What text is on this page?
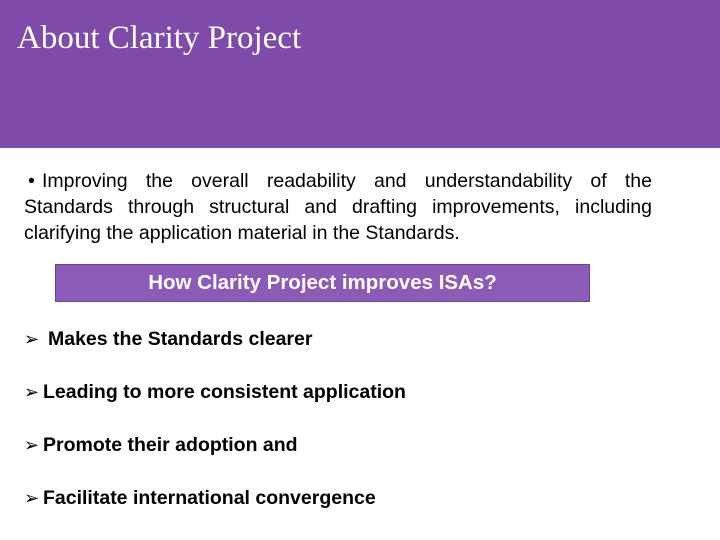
About Clarity Project

• Improving the overall readability and understandability of the Standards through structural and drafting improvements, including clarifying the application material in the Standards.

How Clarity Project improves ISAs?
➢ Makes the Standards clearer
➢ Leading to more consistent application
➢ Promote their adoption and
➢ Facilitate international convergence
